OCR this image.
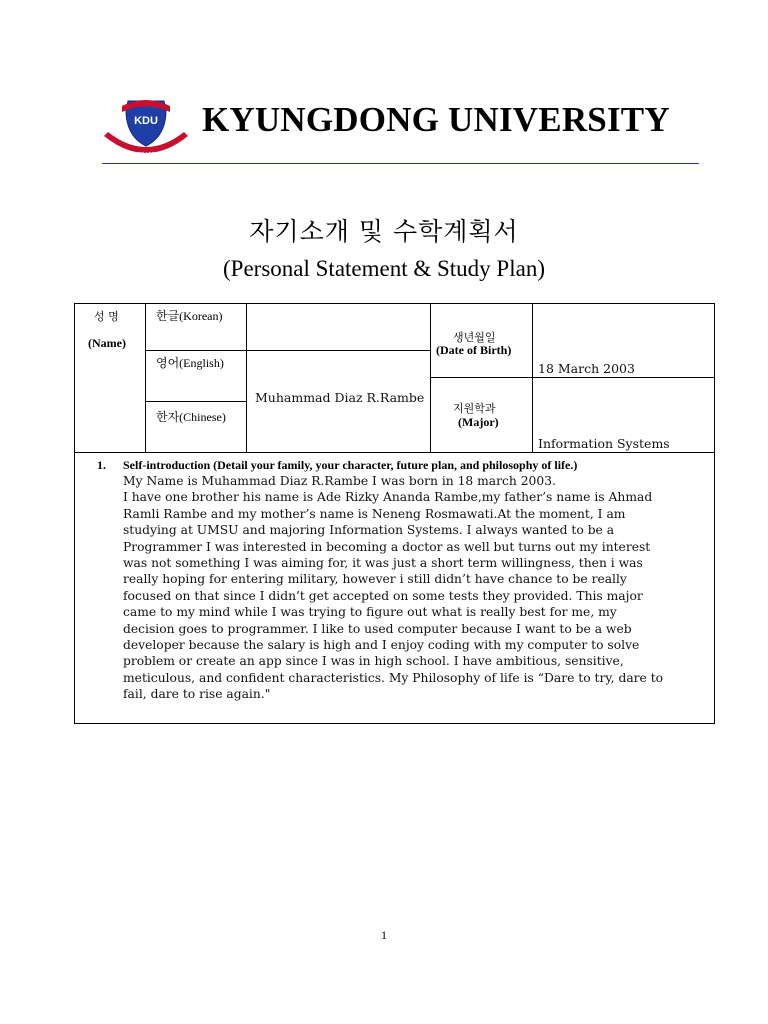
KDU
MAN OF MISSION
KYUNGDONG UNIVERSITY
자기소개 및 수학계획서
(Personal Statement & Study Plan)
성 명
(Name)
한글(Korean)
영어(English)
한자(Chinese)
Muhammad Diaz R.Rambe
생년월일
(Date of Birth)
18 March 2003
지원학과
(Major)
Information Systems
1. Self-introduction (Detail your family, your character, future plan, and philosophy of life.)
My Name is Muhammad Diaz R.Rambe I was born in 18 march 2003.
I have one brother his name is Ade Rizky Ananda Rambe,my father’s name is Ahmad
Ramli Rambe and my mother’s name is Neneng Rosmawati.At the moment, I am
studying at UMSU and majoring Information Systems. I always wanted to be a
Programmer I was interested in becoming a doctor as well but turns out my interest
was not something I was aiming for, it was just a short term willingness, then i was
really hoping for entering military, however i still didn’t have chance to be really
focused on that since I didn’t get accepted on some tests they provided. This major
came to my mind while I was trying to figure out what is really best for me, my
decision goes to programmer. I like to used computer because I want to be a web
developer because the salary is high and I enjoy coding with my computer to solve
problem or create an app since I was in high school. I have ambitious, sensitive,
meticulous, and confident characteristics. My Philosophy of life is “Dare to try, dare to
fail, dare to rise again."
1
